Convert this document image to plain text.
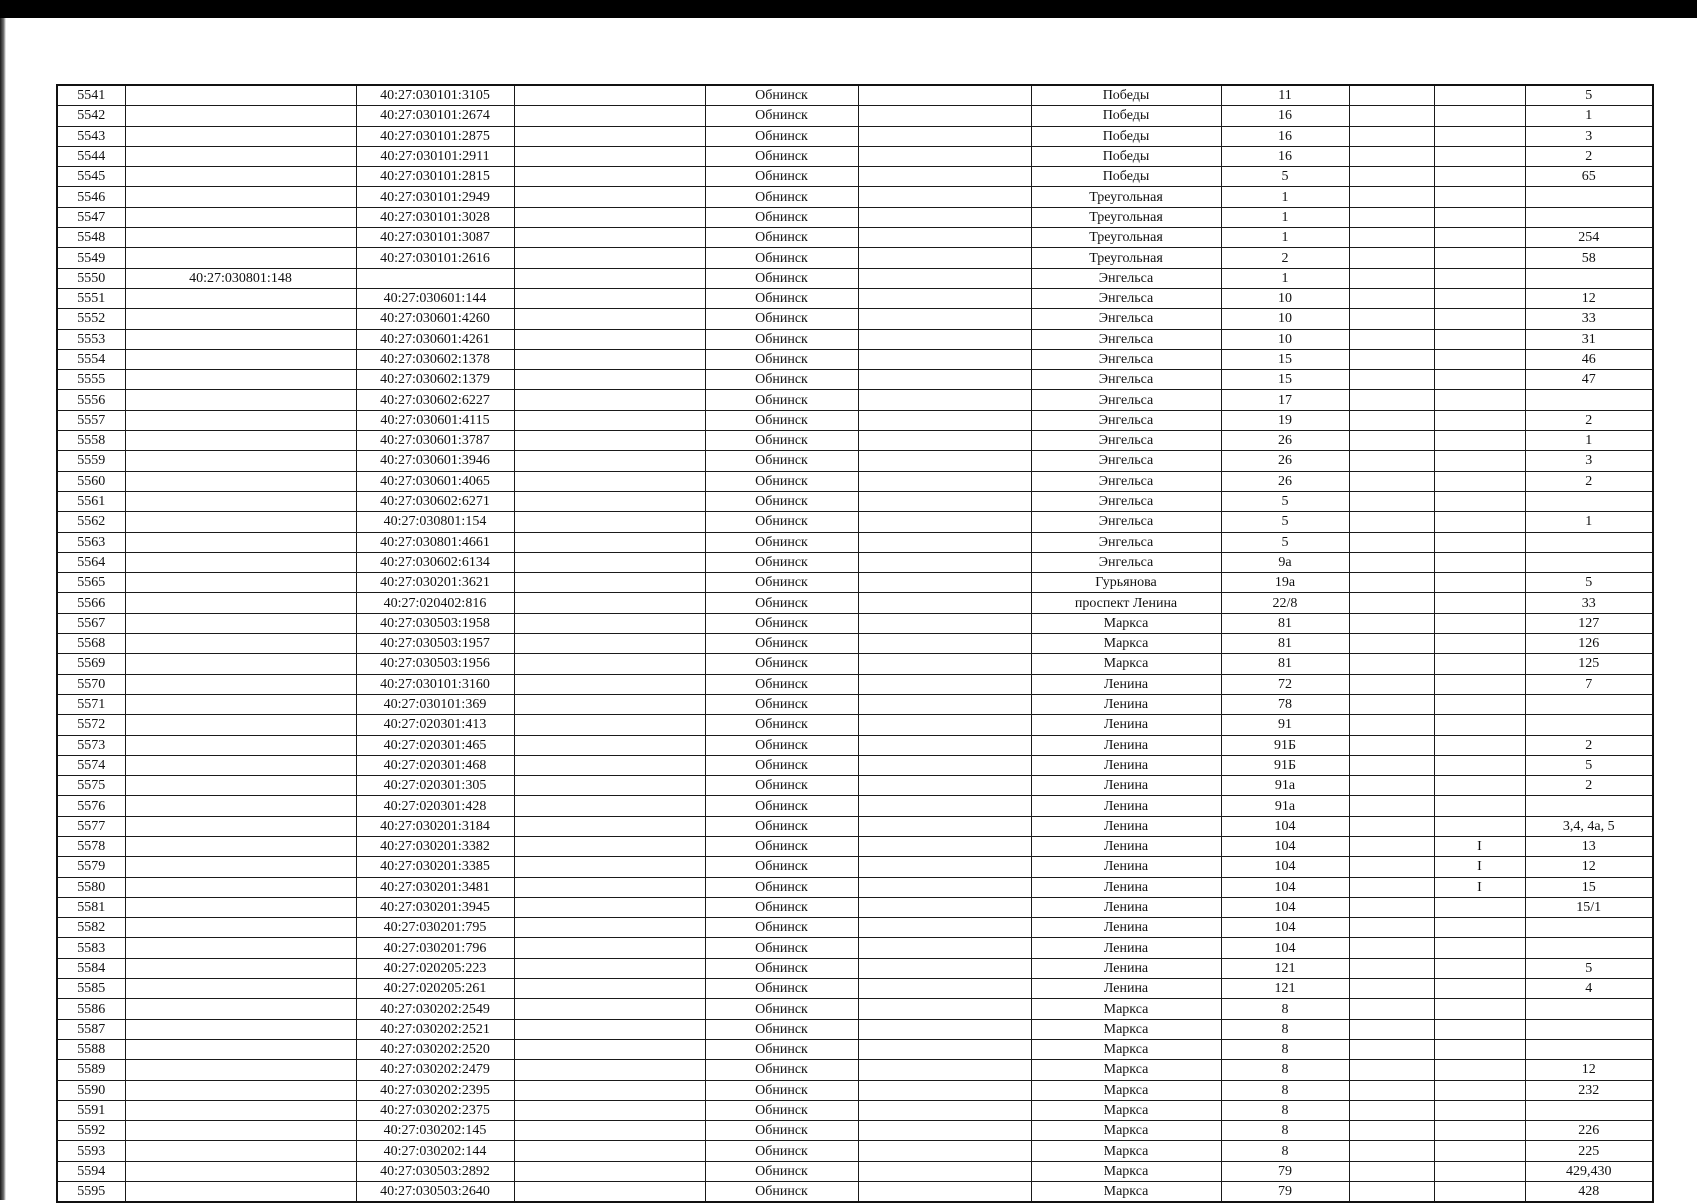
5541		40:27:030101:3105		Обнинск		Победы	11			5
5542		40:27:030101:2674		Обнинск		Победы	16			1
5543		40:27:030101:2875		Обнинск		Победы	16			3
5544		40:27:030101:2911		Обнинск		Победы	16			2
5545		40:27:030101:2815		Обнинск		Победы	5			65
5546		40:27:030101:2949		Обнинск		Треугольная	1			
5547		40:27:030101:3028		Обнинск		Треугольная	1			
5548		40:27:030101:3087		Обнинск		Треугольная	1			254
5549		40:27:030101:2616		Обнинск		Треугольная	2			58
5550	40:27:030801:148			Обнинск		Энгельса	1			
5551		40:27:030601:144		Обнинск		Энгельса	10			12
5552		40:27:030601:4260		Обнинск		Энгельса	10			33
5553		40:27:030601:4261		Обнинск		Энгельса	10			31
5554		40:27:030602:1378		Обнинск		Энгельса	15			46
5555		40:27:030602:1379		Обнинск		Энгельса	15			47
5556		40:27:030602:6227		Обнинск		Энгельса	17			
5557		40:27:030601:4115		Обнинск		Энгельса	19			2
5558		40:27:030601:3787		Обнинск		Энгельса	26			1
5559		40:27:030601:3946		Обнинск		Энгельса	26			3
5560		40:27:030601:4065		Обнинск		Энгельса	26			2
5561		40:27:030602:6271		Обнинск		Энгельса	5			
5562		40:27:030801:154		Обнинск		Энгельса	5			1
5563		40:27:030801:4661		Обнинск		Энгельса	5			
5564		40:27:030602:6134		Обнинск		Энгельса	9а			
5565		40:27:030201:3621		Обнинск		Гурьянова	19а			5
5566		40:27:020402:816		Обнинск		проспект Ленина	22/8			33
5567		40:27:030503:1958		Обнинск		Маркса	81			127
5568		40:27:030503:1957		Обнинск		Маркса	81			126
5569		40:27:030503:1956		Обнинск		Маркса	81			125
5570		40:27:030101:3160		Обнинск		Ленина	72			7
5571		40:27:030101:369		Обнинск		Ленина	78			
5572		40:27:020301:413		Обнинск		Ленина	91			
5573		40:27:020301:465		Обнинск		Ленина	91Б			2
5574		40:27:020301:468		Обнинск		Ленина	91Б			5
5575		40:27:020301:305		Обнинск		Ленина	91а			2
5576		40:27:020301:428		Обнинск		Ленина	91а			
5577		40:27:030201:3184		Обнинск		Ленина	104			3,4, 4а, 5
5578		40:27:030201:3382		Обнинск		Ленина	104		I	13
5579		40:27:030201:3385		Обнинск		Ленина	104		I	12
5580		40:27:030201:3481		Обнинск		Ленина	104		I	15
5581		40:27:030201:3945		Обнинск		Ленина	104			15/1
5582		40:27:030201:795		Обнинск		Ленина	104			
5583		40:27:030201:796		Обнинск		Ленина	104			
5584		40:27:020205:223		Обнинск		Ленина	121			5
5585		40:27:020205:261		Обнинск		Ленина	121			4
5586		40:27:030202:2549		Обнинск		Маркса	8			
5587		40:27:030202:2521		Обнинск		Маркса	8			
5588		40:27:030202:2520		Обнинск		Маркса	8			
5589		40:27:030202:2479		Обнинск		Маркса	8			12
5590		40:27:030202:2395		Обнинск		Маркса	8			232
5591		40:27:030202:2375		Обнинск		Маркса	8			
5592		40:27:030202:145		Обнинск		Маркса	8			226
5593		40:27:030202:144		Обнинск		Маркса	8			225
5594		40:27:030503:2892		Обнинск		Маркса	79			429,430
5595		40:27:030503:2640		Обнинск		Маркса	79			428
